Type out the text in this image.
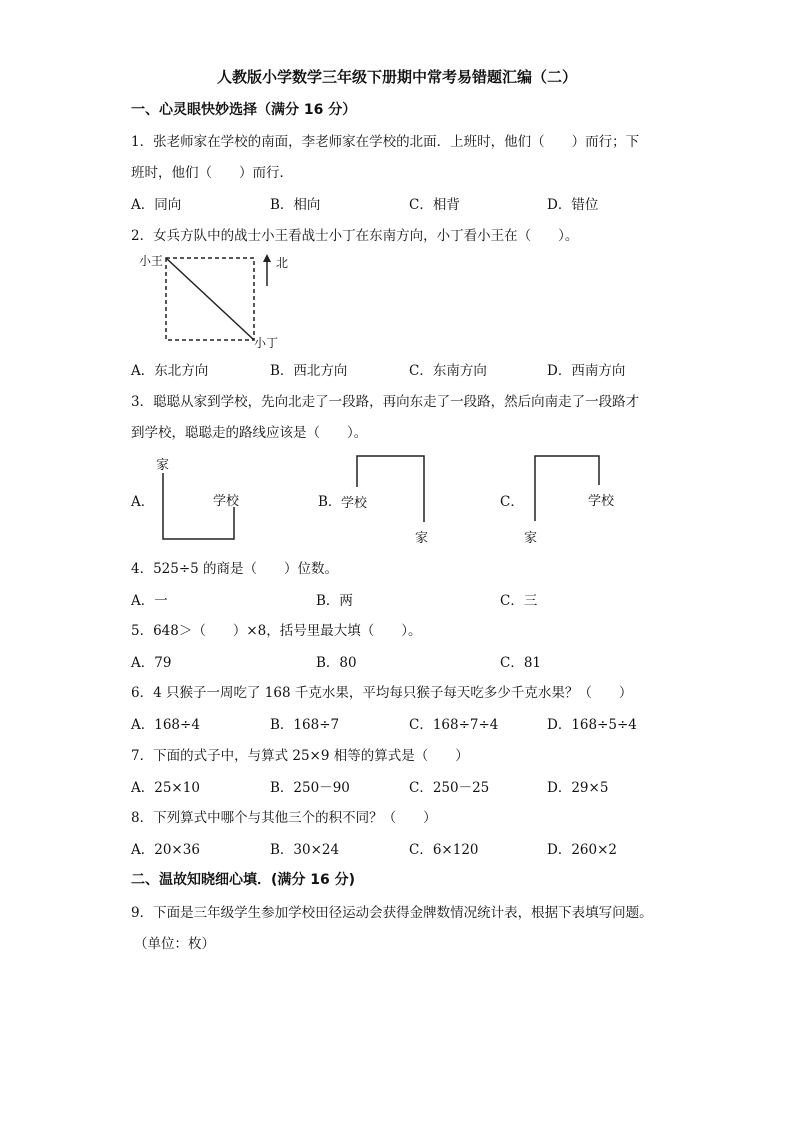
人教版小学数学三年级下册期中常考易错题汇编（二）
一、心灵眼快妙选择（满分 16 分）
1．张老师家在学校的南面，李老师家在学校的北面．上班时，他们（　　）而行；下
班时，他们（　　）而行．
A．同向	B．相向	C．相背	D．错位
2．女兵方队中的战士小王看战士小丁在东南方向，小丁看小王在（　　）。
小王
小丁
北
A．东北方向	B．西北方向	C．东南方向	D．西南方向
3．聪聪从家到学校，先向北走了一段路，再向东走了一段路，然后向南走了一段路才
到学校，聪聪走的路线应该是（　　）。
A．
家
学校	B． 学校
家
C．
家
学校
4．525÷5 的商是（　　）位数。
A．一	B．两	C．三
5．648＞（　　）×8，括号里最大填（　　）。
A．79	B．80	C．81
6．4 只猴子一周吃了 168 千克水果，平均每只猴子每天吃多少千克水果？（　　）
A．168÷4	B．168÷7	C．168÷7÷4	D．168÷5÷4
7．下面的式子中，与算式 25×9 相等的算式是（　　）
A．25×10	B．250－90	C．250－25	D．29×5
8．下列算式中哪个与其他三个的积不同？（　　）
A．20×36	B．30×24	C．6×120	D．260×2
二、温故知晓细心填．(满分 16 分)
9．下面是三年级学生参加学校田径运动会获得金牌数情况统计表，根据下表填写问题。
（单位：枚）
